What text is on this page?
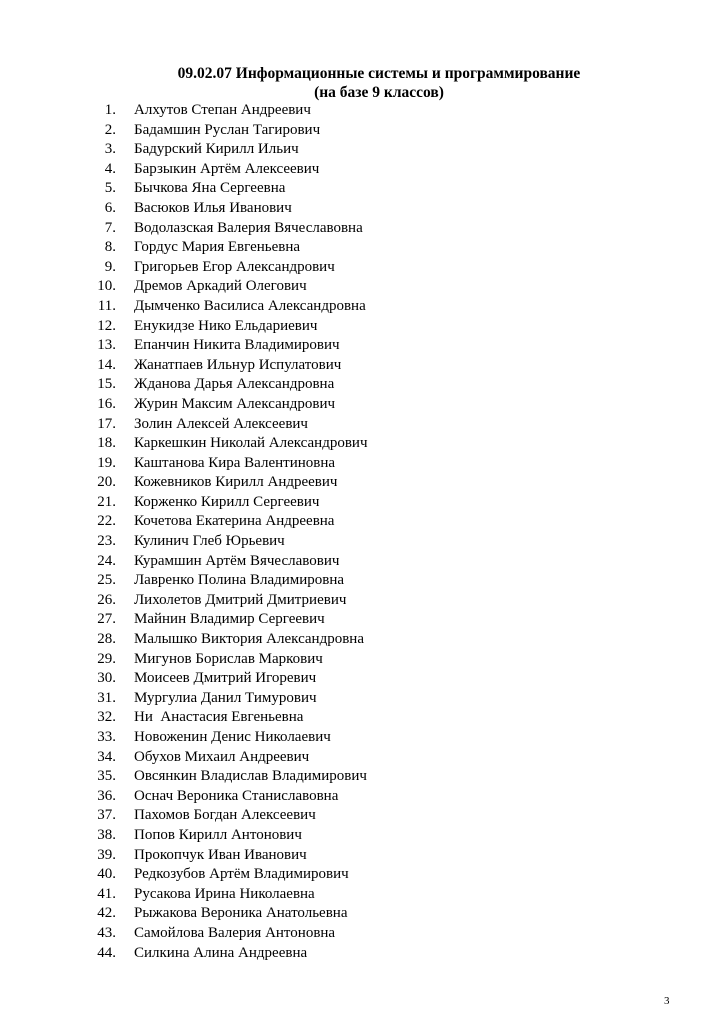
09.02.07 Информационные системы и программирование
(на базе 9 классов)
1. Алхутов Степан Андреевич
2. Бадамшин Руслан Тагирович
3. Бадурский Кирилл Ильич
4. Барзыкин Артём Алексеевич
5. Бычкова Яна Сергеевна
6. Васюков Илья Иванович
7. Водолазская Валерия Вячеславовна
8. Гордус Мария Евгеньевна
9. Григорьев Егор Александрович
10. Дремов Аркадий Олегович
11. Дымченко Василиса Александровна
12. Енукидзе Нико Ельдариевич
13. Епанчин Никита Владимирович
14. Жанатпаев Ильнур Испулатович
15. Жданова Дарья Александровна
16. Журин Максим Александрович
17. Золин Алексей Алексеевич
18. Каркешкин Николай Александрович
19. Каштанова Кира Валентиновна
20. Кожевников Кирилл Андреевич
21. Корженко Кирилл Сергеевич
22. Кочетова Екатерина Андреевна
23. Кулинич Глеб Юрьевич
24. Курамшин Артём Вячеславович
25. Лавренко Полина Владимировна
26. Лихолетов Дмитрий Дмитриевич
27. Майнин Владимир Сергеевич
28. Малышко Виктория Александровна
29. Мигунов Борислав Маркович
30. Моисеев Дмитрий Игоревич
31. Мургулиа Данил Тимурович
32. Ни  Анастасия Евгеньевна
33. Новоженин Денис Николаевич
34. Обухов Михаил Андреевич
35. Овсянкин Владислав Владимирович
36. Оснач Вероника Станиславовна
37. Пахомов Богдан Алексеевич
38. Попов Кирилл Антонович
39. Прокопчук Иван Иванович
40. Редкозубов Артём Владимирович
41. Русакова Ирина Николаевна
42. Рыжакова Вероника Анатольевна
43. Самойлова Валерия Антоновна
44. Силкина Алина Андреевна
3
